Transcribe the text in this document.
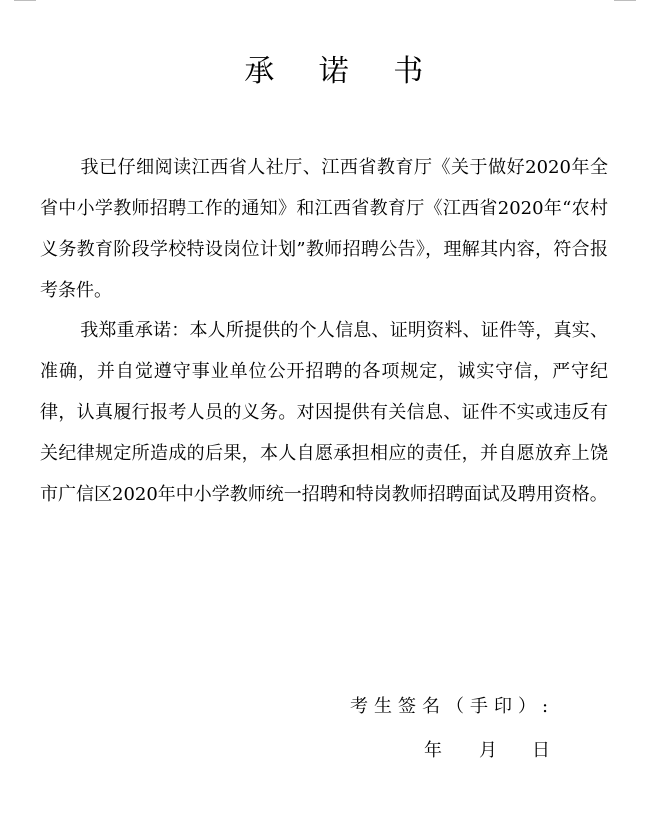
承 诺 书
我已仔细阅读江西省人社厅、江西省教育厅《关于做好2020年全省中小学教师招聘工作的通知》和江西省教育厅《江西省2020年“农村义务教育阶段学校特设岗位计划”教师招聘公告》，理解其内容，符合报考条件。
我郑重承诺：本人所提供的个人信息、证明资料、证件等，真实、准确，并自觉遵守事业单位公开招聘的各项规定，诚实守信，严守纪律，认真履行报考人员的义务。对因提供有关信息、证件不实或违反有关纪律规定所造成的后果，本人自愿承担相应的责任，并自愿放弃上饶市广信区2020年中小学教师统一招聘和特岗教师招聘面试及聘用资格。
考生签名（手印）:
年 月 日
